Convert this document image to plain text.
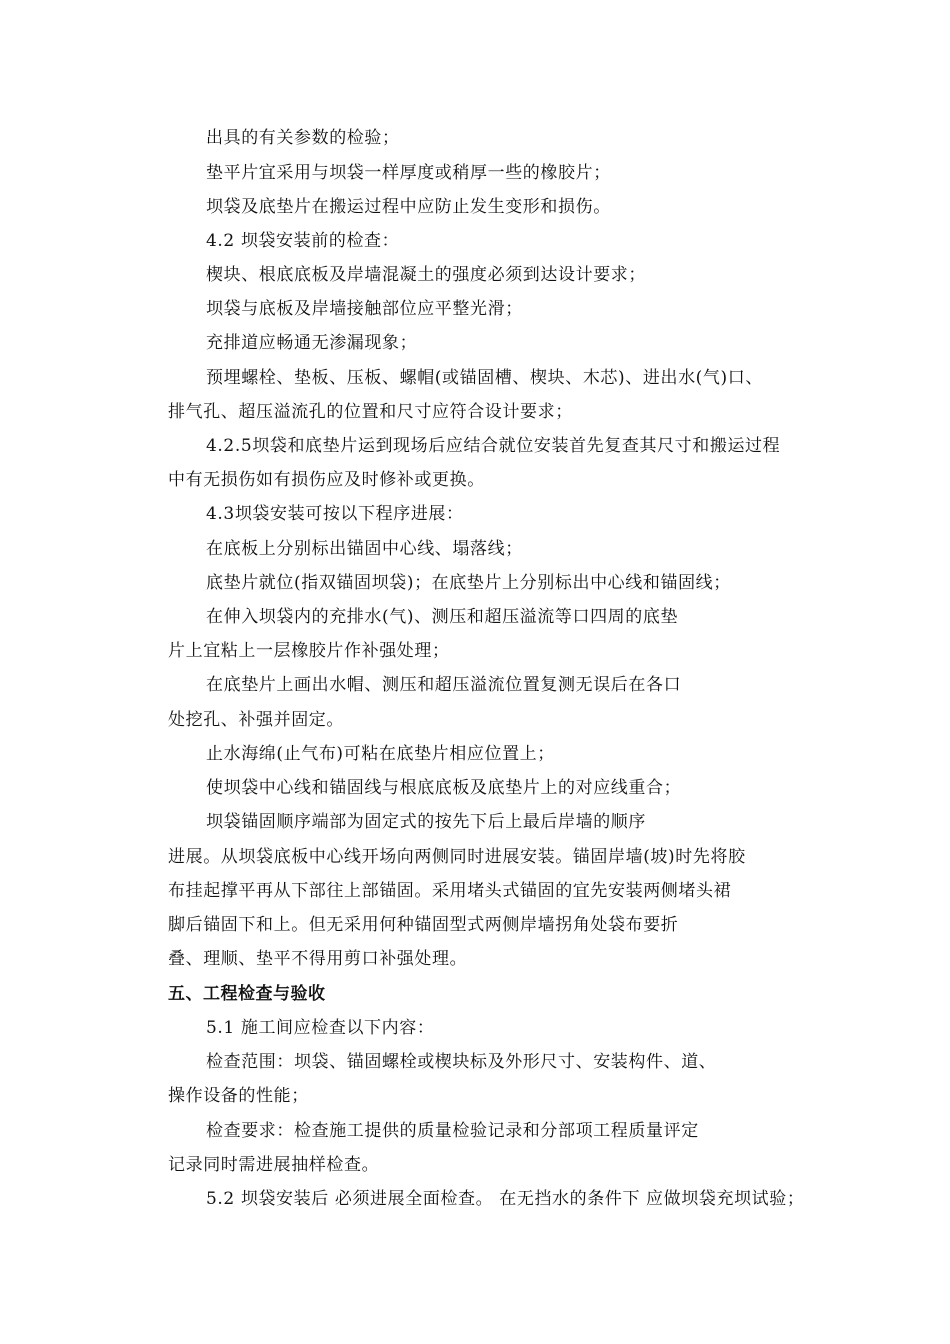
出具的有关参数的检验；
垫平片宜采用与坝袋一样厚度或稍厚一些的橡胶片；
坝袋及底垫片在搬运过程中应防止发生变形和损伤。
4.2 坝袋安装前的检查：
楔块、根底底板及岸墙混凝土的强度必须到达设计要求；
坝袋与底板及岸墙接触部位应平整光滑；
充排道应畅通无渗漏现象；
预埋螺栓、垫板、压板、螺帽(或锚固槽、楔块、木芯)、进出水(气)口、
排气孔、超压溢流孔的位置和尺寸应符合设计要求；
4.2.5坝袋和底垫片运到现场后应结合就位安装首先复查其尺寸和搬运过程
中有无损伤如有损伤应及时修补或更换。
4.3坝袋安装可按以下程序进展：
在底板上分别标出锚固中心线、塌落线；
底垫片就位(指双锚固坝袋)；在底垫片上分别标出中心线和锚固线；
在伸入坝袋内的充排水(气)、测压和超压溢流等口四周的底垫
片上宜粘上一层橡胶片作补强处理；
在底垫片上画出水帽、测压和超压溢流位置复测无误后在各口
处挖孔、补强并固定。
止水海绵(止气布)可粘在底垫片相应位置上；
使坝袋中心线和锚固线与根底底板及底垫片上的对应线重合；
坝袋锚固顺序端部为固定式的按先下后上最后岸墙的顺序
进展。从坝袋底板中心线开场向两侧同时进展安装。锚固岸墙(坡)时先将胶
布挂起撑平再从下部往上部锚固。采用堵头式锚固的宜先安装两侧堵头裙
脚后锚固下和上。但无采用何种锚固型式两侧岸墙拐角处袋布要折
叠、理顺、垫平不得用剪口补强处理。
五、工程检查与验收
5.1 施工间应检查以下内容：
检查范围：坝袋、锚固螺栓或楔块标及外形尺寸、安装构件、道、
操作设备的性能；
检查要求：检查施工提供的质量检验记录和分部项工程质量评定
记录同时需进展抽样检查。
5.2 坝袋安装后 必须进展全面检查。 在无挡水的条件下 应做坝袋充坝试验；
